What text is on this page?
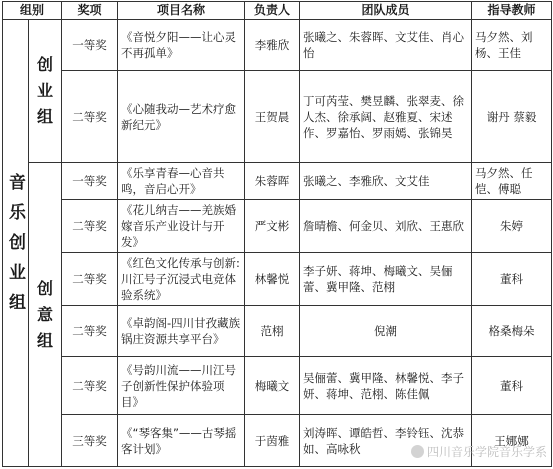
组别		奖项	项目名称	负责人	团队成员	指导教师
音乐创业组	创业组	一等奖	《音悦夕阳——让心灵不再孤单》	李雅欣	张曦之、朱蓉晖、文艾佳、肖心怡	马夕然、刘杨、王佳

		二等奖	《心随我动—艺术疗愈新纪元》	王贺晨	丁可芮莹、樊昱麟、张翠麦、徐人杰、徐承阔、赵雅夏、宋述作、罗嘉怡、罗雨嫣、张锦昊	谢丹 蔡毅
	创意组	一等奖	《乐享青春—心音共鸣，音启心开》	朱蓉晖	张曦之、李雅欣、文艾佳	马夕然、任恺、傅聪

		二等奖	《花儿纳吉——羌族婚嫁音乐产业设计与开发》	严文彬	詹晴檐、何金贝、刘欣、王惠欣	朱婷
		二等奖	《红色文化传承与创新:川江号子沉浸式电竞体验系统》	林馨悦	李子妍、蒋坤、梅曦文、吴俪蕾、冀甲隆、范栩	董科
		二等奖	《卓韵阁-四川甘孜藏族锅庄资源共享平台》	范栩	倪潮	格桑梅朵
		二等奖	《号韵川流——川江号子创新性保护体验项目》	梅曦文	吴俪蕾、冀甲隆、林馨悦、李子妍、蒋坤、范栩、陈佳佩	董科
		三等奖	《“琴客集”——古琴摇客计划》	于茵雅	刘涛晖、谭皓哲、李铃钰、沈恭如、高咏秋	王娜娜
四川音乐学院音乐学系
